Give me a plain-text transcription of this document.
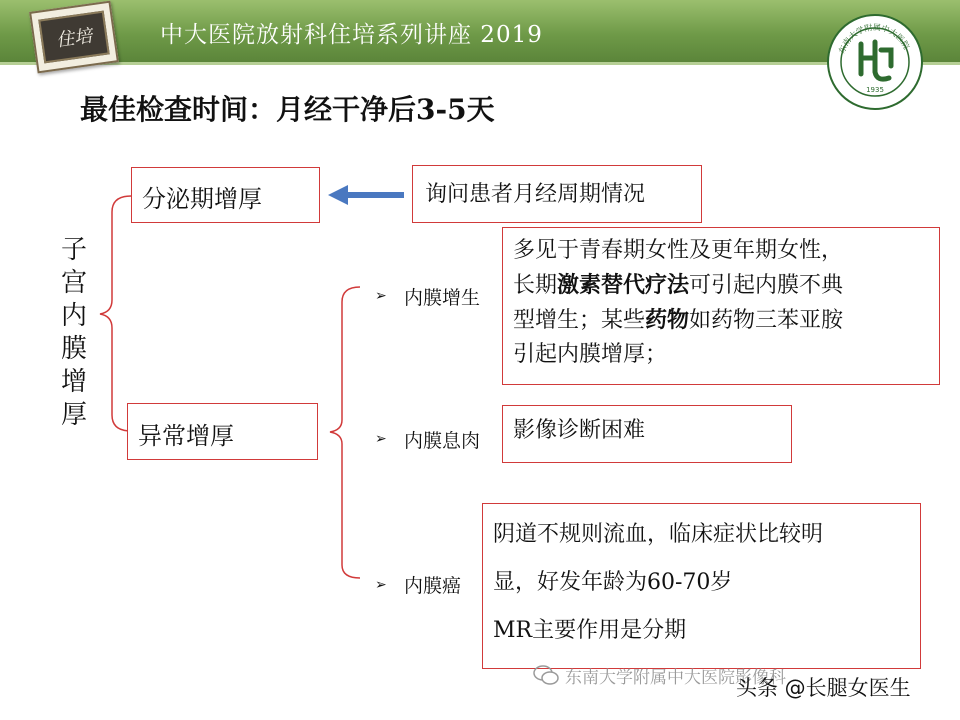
住培	中大医院放射科住培系列讲座 2019
东南大学附属中大医院
1935
最佳检查时间：月经干净后3-5天
子
宫
内
膜
增
厚
分泌期增厚	询问患者月经周期情况
异常增厚
➢ 内膜增生
➢ 内膜息肉
➢ 内膜癌
多见于青春期女性及更年期女性，
长期激素替代疗法可引起内膜不典
型增生；某些药物如药物三苯亚胺
引起内膜增厚；
影像诊断困难
阴道不规则流血，临床症状比较明
显，好发年龄为60-70岁
MR主要作用是分期
东南大学附属中大医院影像科
头条 @长腿女医生
